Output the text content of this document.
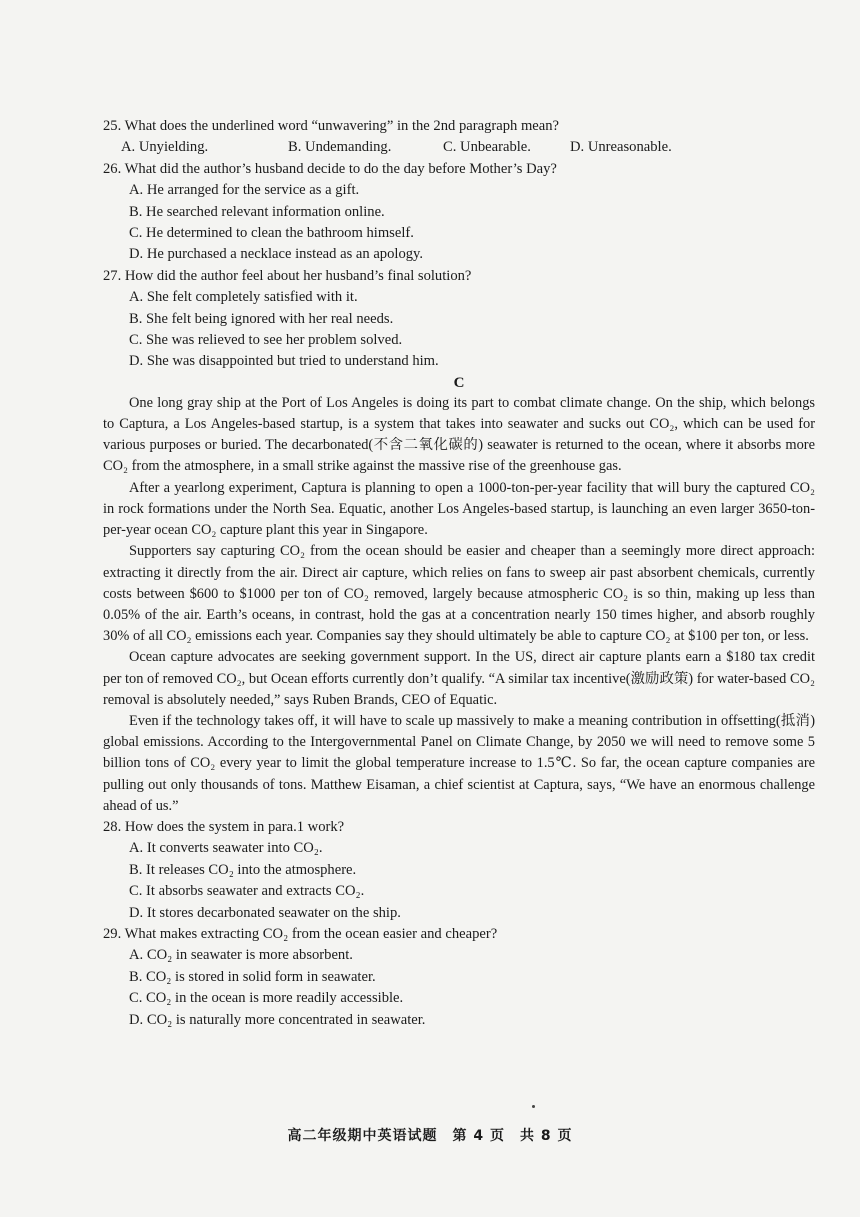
25. What does the underlined word “unwavering” in the 2nd paragraph mean?
A. Unyielding.	B. Undemanding.	C. Unbearable.	D. Unreasonable.
26. What did the author’s husband decide to do the day before Mother’s Day?
A. He arranged for the service as a gift.
B. He searched relevant information online.
C. He determined to clean the bathroom himself.
D. He purchased a necklace instead as an apology.
27. How did the author feel about her husband’s final solution?
A. She felt completely satisfied with it.
B. She felt being ignored with her real needs.
C. She was relieved to see her problem solved.
D. She was disappointed but tried to understand him.
C

One long gray ship at the Port of Los Angeles is doing its part to combat climate change. On the ship, which belongs to Captura, a Los Angeles-based startup, is a system that takes into seawater and sucks out CO₂, which can be used for various purposes or buried. The decarbonated(不含二氧化碳的) seawater is returned to the ocean, where it absorbs more CO₂ from the atmosphere, in a small strike against the massive rise of the greenhouse gas.

After a yearlong experiment, Captura is planning to open a 1000-ton-per-year facility that will bury the captured CO₂ in rock formations under the North Sea. Equatic, another Los Angeles-based startup, is launching an even larger 3650-ton-per-year ocean CO₂ capture plant this year in Singapore.

Supporters say capturing CO₂ from the ocean should be easier and cheaper than a seemingly more direct approach: extracting it directly from the air. Direct air capture, which relies on fans to sweep air past absorbent chemicals, currently costs between $600 to $1000 per ton of CO₂ removed, largely because atmospheric CO₂ is so thin, making up less than 0.05% of the air. Earth’s oceans, in contrast, hold the gas at a concentration nearly 150 times higher, and absorb roughly 30% of all CO₂ emissions each year. Companies say they should ultimately be able to capture CO₂ at $100 per ton, or less.

Ocean capture advocates are seeking government support. In the US, direct air capture plants earn a $180 tax credit per ton of removed CO₂, but Ocean efforts currently don’t qualify. “A similar tax incentive(激励政策) for water-based CO₂ removal is absolutely needed,” says Ruben Brands, CEO of Equatic.

Even if the technology takes off, it will have to scale up massively to make a meaning contribution in offsetting(抵消) global emissions. According to the Intergovernmental Panel on Climate Change, by 2050 we will need to remove some 5 billion tons of CO₂ every year to limit the global temperature increase to 1.5℃. So far, the ocean capture companies are pulling out only thousands of tons. Matthew Eisaman, a chief scientist at Captura, says, “We have an enormous challenge ahead of us.”

28. How does the system in para.1 work?
A. It converts seawater into CO₂.
B. It releases CO₂ into the atmosphere.
C. It absorbs seawater and extracts CO₂.
D. It stores decarbonated seawater on the ship.
29. What makes extracting CO₂ from the ocean easier and cheaper?
A. CO₂ in seawater is more absorbent.
B. CO₂ is stored in solid form in seawater.
C. CO₂ in the ocean is more readily accessible.
D. CO₂ is naturally more concentrated in seawater.
高二年级期中英语试题　第 4 页　共 8 页
